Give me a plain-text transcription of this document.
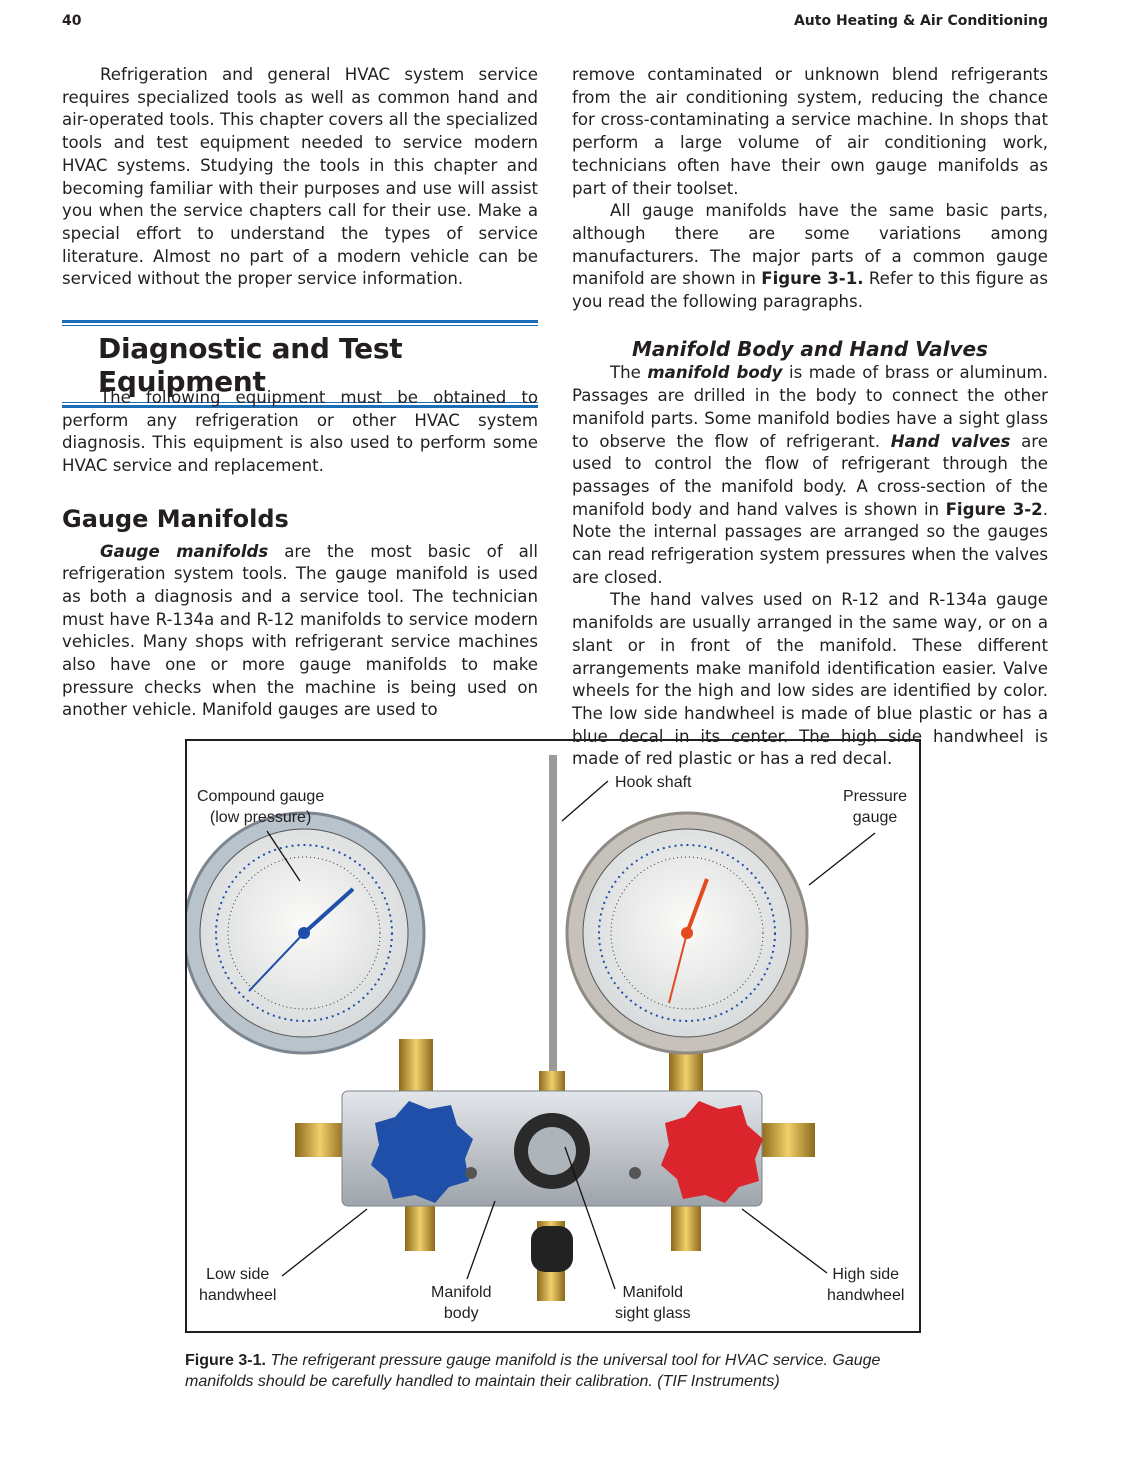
40	Auto Heating & Air Conditioning

Refrigeration and general HVAC system service requires specialized tools as well as common hand and air-operated tools. This chapter covers all the specialized tools and test equipment needed to service modern HVAC systems. Studying the tools in this chapter and becoming familiar with their purposes and use will assist you when the service chapters call for their use. Make a special effort to understand the types of service literature. Almost no part of a modern vehicle can be serviced without the proper service information.

Diagnostic and Test Equipment

The following equipment must be obtained to perform any refrigeration or other HVAC system diagnosis. This equipment is also used to perform some HVAC service and replacement.

Gauge Manifolds

Gauge manifolds are the most basic of all refrigeration system tools. The gauge manifold is used as both a diagnosis and a service tool. The technician must have R-134a and R-12 manifolds to service modern vehicles. Many shops with refrigerant service machines also have one or more gauge manifolds to make pressure checks when the machine is being used on another vehicle. Manifold gauges are used to

remove contaminated or unknown blend refrigerants from the air conditioning system, reducing the chance for cross-contaminating a service machine. In shops that perform a large volume of air conditioning work, technicians often have their own gauge manifolds as part of their toolset.

All gauge manifolds have the same basic parts, although there are some variations among manufacturers. The major parts of a common gauge manifold are shown in Figure 3-1. Refer to this figure as you read the following paragraphs.

Manifold Body and Hand Valves

The manifold body is made of brass or aluminum. Passages are drilled in the body to connect the other manifold parts. Some manifold bodies have a sight glass to observe the flow of refrigerant. Hand valves are used to control the flow of refrigerant through the passages of the manifold body. A cross-section of the manifold body and hand valves is shown in Figure 3-2. Note the internal passages are arranged so the gauges can read refrigeration system pressures when the valves are closed.

The hand valves used on R-12 and R-134a gauge manifolds are usually arranged in the same way, or on a slant or in front of the manifold. These different arrangements make manifold identification easier. Valve wheels for the high and low sides are identified by color. The low side handwheel is made of blue plastic or has a blue decal in its center. The high side handwheel is made of red plastic or has a red decal.

Compound gauge
(low pressure)
Hook shaft
Pressure
gauge
Low side
handwheel	Manifold
body
Manifold
sight glass
High side
handwheel
Figure 3-1. The refrigerant pressure gauge manifold is the universal tool for HVAC service. Gauge manifolds should be carefully handled to maintain their calibration. (TIF Instruments)
